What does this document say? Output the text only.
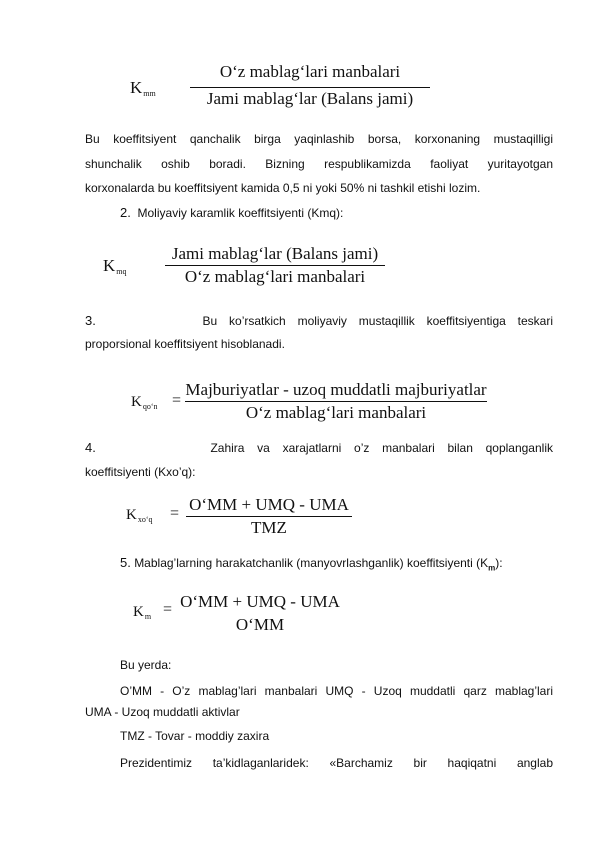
$K_{mm}$
O‘z mablag‘lari manbalari
Jami mablag‘lar (Balans jami)
Bu koeffitsiyent qanchalik birga yaqinlashib borsa, korxonaning mustaqilligi
shunchalik oshib boradi. Bizning respublikamizda faoliyat yuritayotgan
korxonalarda bu koeffitsiyent kamida 0,5 ni yoki 50% ni tashkil etishi lozim.
2. Moliyaviy karamlik koeffitsiyenti (Kmq):
$K_{mq}$
Jami mablag‘lar (Balans jami)
O‘z mablag‘lari manbalari
3.	Bu ko’rsatkich moliyaviy mustaqillik koeffitsiyentiga teskari
proporsional koeffitsiyent hisoblanadi.
$K_{qo‘n}$ =
Majburiyatlar - uzoq muddatli majburiyatlar
O‘z mablag‘lari manbalari
4.	Zahira va xarajatlarni o’z manbalari bilan qoplanganlik
koeffitsiyenti (Kxo’q):
$K_{xo‘q}$ = O‘MM + UMQ - UMA
TMZ
5. Mablag’larning harakatchanlik (manyovrlashganlik) koeffitsiyenti $(K_m)$:
$K_m$ = O‘MM + UMQ - UMA
O‘MM
Bu yerda:
O’MM - O’z mablag’lari manbalari UMQ - Uzoq muddatli qarz mablag’lari
UMA - Uzoq muddatli aktivlar
TMZ - Tovar - moddiy zaxira
Prezidentimiz ta’kidlaganlaridek: «Barchamiz bir haqiqatni anglab
